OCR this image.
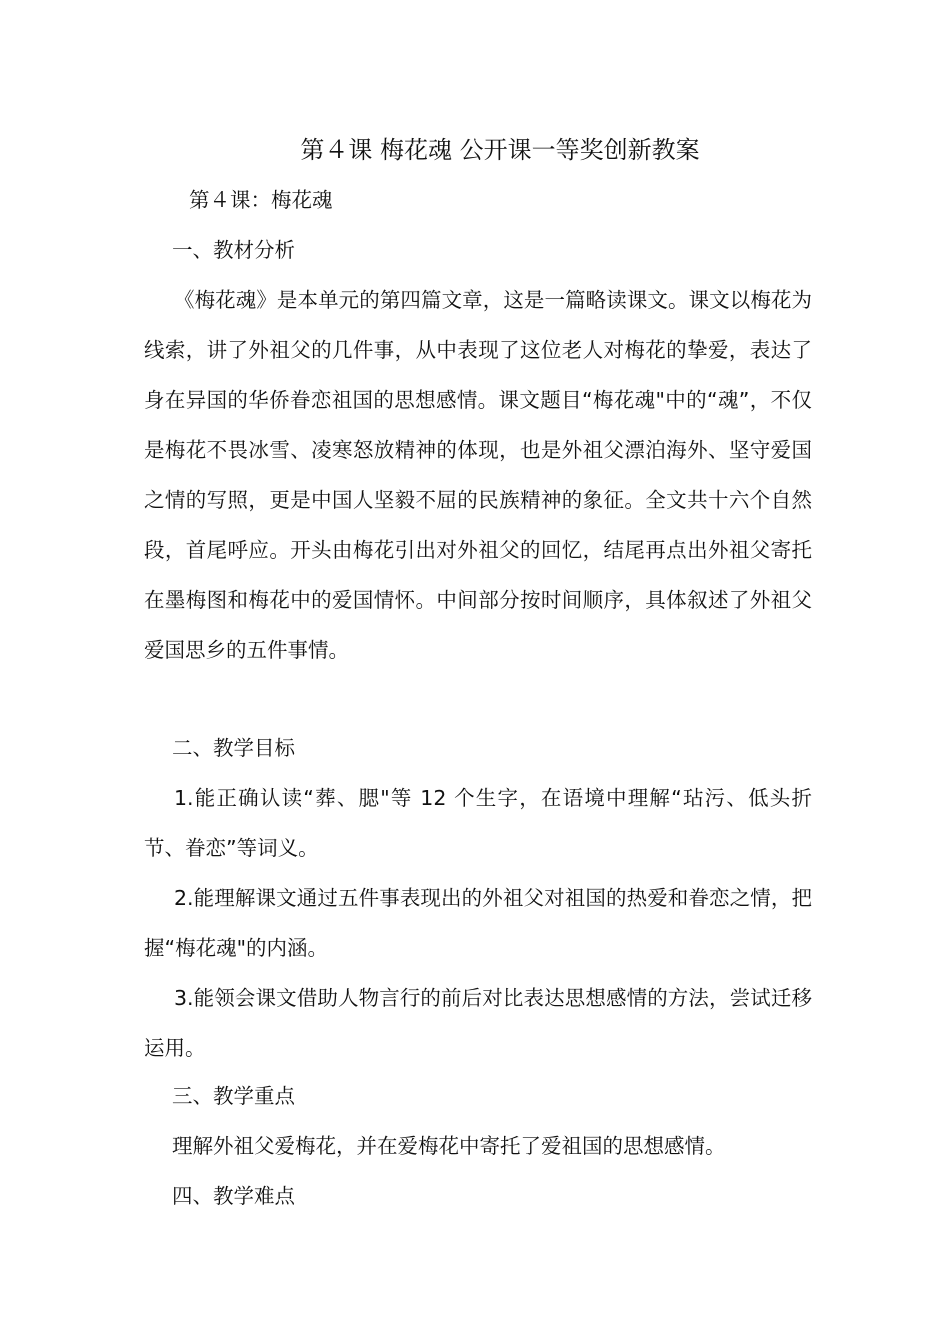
第４课 梅花魂 公开课一等奖创新教案

第４课：梅花魂

一、教材分析

《梅花魂》是本单元的第四篇文章，这是一篇略读课文。课文以梅花为线索，讲了外祖父的几件事，从中表现了这位老人对梅花的挚爱，表达了身在异国的华侨眷恋祖国的思想感情。课文题目“梅花魂"中的“魂”，不仅是梅花不畏冰雪、凌寒怒放精神的体现，也是外祖父漂泊海外、坚守爱国之情的写照，更是中国人坚毅不屈的民族精神的象征。全文共十六个自然段，首尾呼应。开头由梅花引出对外祖父的回忆，结尾再点出外祖父寄托在墨梅图和梅花中的爱国情怀。中间部分按时间顺序，具体叙述了外祖父爱国思乡的五件事情。

二、教学目标

1.能正确认读“葬、腮"等 12 个生字，在语境中理解“玷污、低头折节、眷恋”等词义。

2.能理解课文通过五件事表现出的外祖父对祖国的热爱和眷恋之情，把握“梅花魂"的内涵。

3.能领会课文借助人物言行的前后对比表达思想感情的方法，尝试迁移运用。

三、教学重点

理解外祖父爱梅花，并在爱梅花中寄托了爱祖国的思想感情。

四、教学难点
